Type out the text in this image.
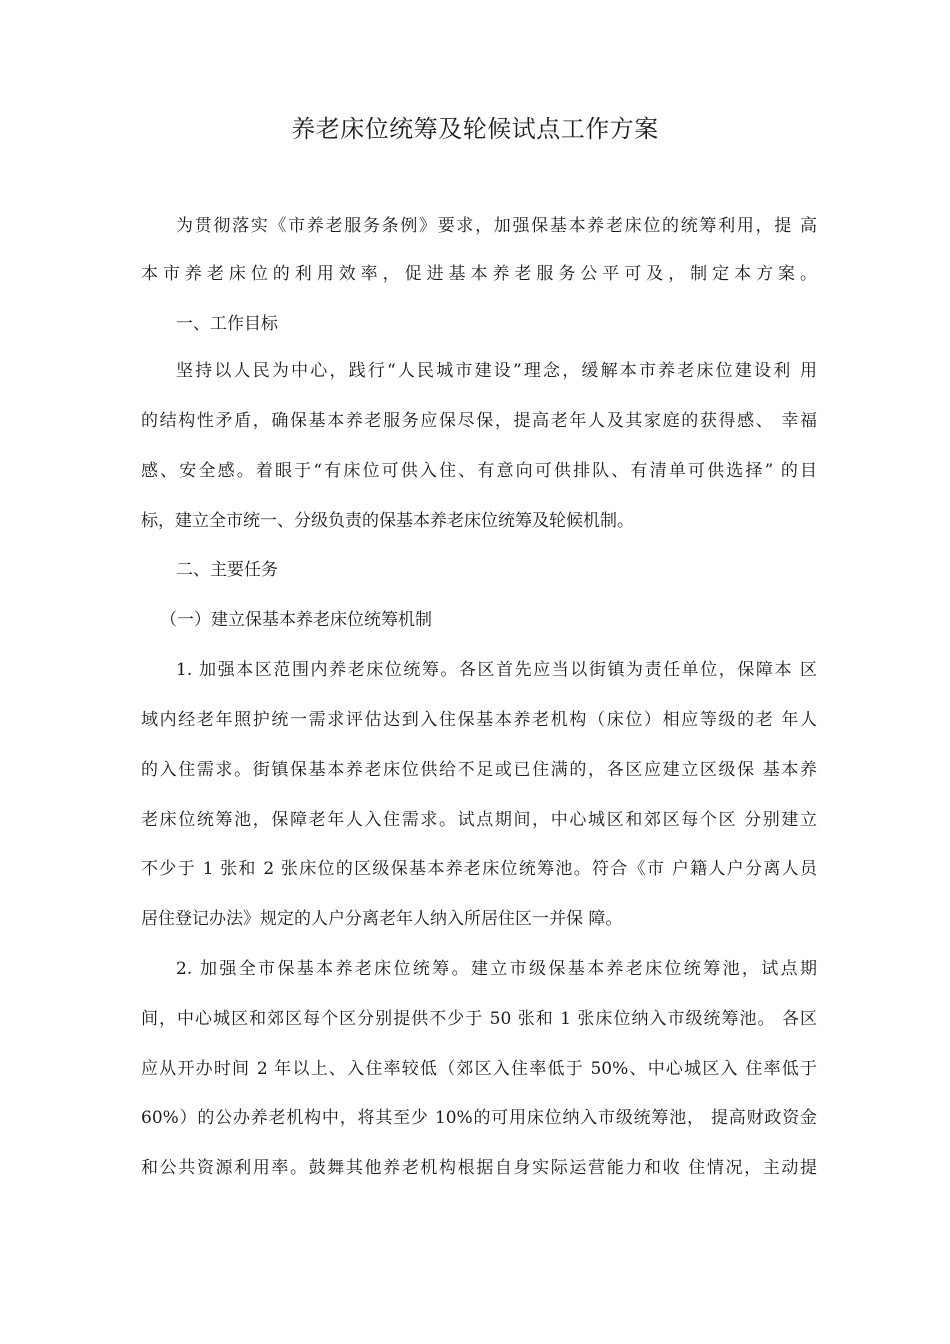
养老床位统筹及轮候试点工作方案
为贯彻落实《市养老服务条例》要求，加强保基本养老床位的统筹利用，提 高
本市养老床位的利用效率，促进基本养老服务公平可及，制定本方案。
一、工作目标
坚持以人民为中心，践行“人民城市建设”理念，缓解本市养老床位建设利 用
的结构性矛盾，确保基本养老服务应保尽保，提高老年人及其家庭的获得感、 幸福
感、安全感。着眼于“有床位可供入住、有意向可供排队、有清单可供选择” 的目
标，建立全市统一、分级负责的保基本养老床位统筹及轮候机制。
二、主要任务
（一）建立保基本养老床位统筹机制
1. 加强本区范围内养老床位统筹。各区首先应当以街镇为责任单位，保障本 区
域内经老年照护统一需求评估达到入住保基本养老机构（床位）相应等级的老 年人
的入住需求。街镇保基本养老床位供给不足或已住满的，各区应建立区级保 基本养
老床位统筹池，保障老年人入住需求。试点期间，中心城区和郊区每个区 分别建立
不少于 1 张和 2 张床位的区级保基本养老床位统筹池。符合《市 户籍人户分离人员
居住登记办法》规定的人户分离老年人纳入所居住区一并保 障。
2. 加强全市保基本养老床位统筹。建立市级保基本养老床位统筹池，试点期
间，中心城区和郊区每个区分别提供不少于 50 张和 1 张床位纳入市级统筹池。 各区
应从开办时间 2 年以上、入住率较低（郊区入住率低于 50%、中心城区入 住率低于
60%）的公办养老机构中，将其至少 10%的可用床位纳入市级统筹池， 提高财政资金
和公共资源利用率。鼓舞其他养老机构根据自身实际运营能力和收 住情况，主动提
